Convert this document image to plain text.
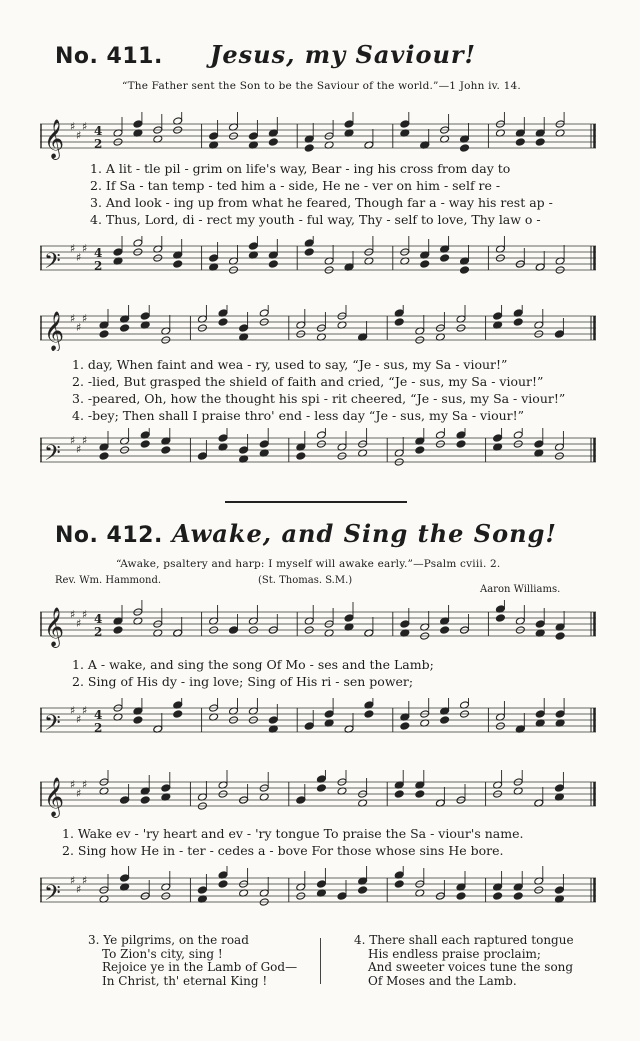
No. 411. Jesus, my Saviour!
“The Father sent the Son to be the Saviour of the world.”—1 John iv. 14.
𝄞 ♯
♯
♯ 4
2
1. A lit - tle pil - grim on life's way, Bear - ing his cross from day to
2. If Sa - tan temp - ted him a - side, He ne - ver on him - self re -
3. And look - ing up from what he feared, Though far a - way his rest ap -
4. Thus, Lord, di - rect my youth - ful way, Thy - self to love, Thy law o -
𝄢
♯
♯
♯ 4
2
𝄞 ♯
♯
♯
1. day, When faint and wea - ry, used to say, “Je - sus, my Sa - viour!”
2. -lied, But grasped the shield of faith and cried, “Je - sus, my Sa - viour!”
3. -peared, Oh, how the thought his spi - rit cheered, “Je - sus, my Sa - viour!”
4. -bey; Then shall I praise thro' end - less day “Je - sus, my Sa - viour!”
𝄢
♯
♯
♯
No. 412. Awake, and Sing the Song!
“Awake, psaltery and harp: I myself will awake early.”—Psalm cviii. 2.
Rev. Wm. Hammond.	(St. Thomas. S.M.)
Aaron Williams.
𝄞 ♯
♯
♯ 4
2
1. A - wake, and sing the song Of Mo - ses and the Lamb;
2. Sing of His dy - ing love; Sing of His ri - sen power;
𝄢
♯
♯
♯ 4
2
𝄞 ♯
♯
♯
1. Wake ev - 'ry heart and ev - 'ry tongue To praise the Sa - viour's name.
2. Sing how He in - ter - cedes a - bove For those whose sins He bore.
𝄢
♯
♯
♯
3. Ye pilgrims, on the road
To Zion's city, sing !
Rejoice ye in the Lamb of God—
In Christ, th' eternal King !
4. There shall each raptured tongue
His endless praise proclaim;
And sweeter voices tune the song
Of Moses and the Lamb.
